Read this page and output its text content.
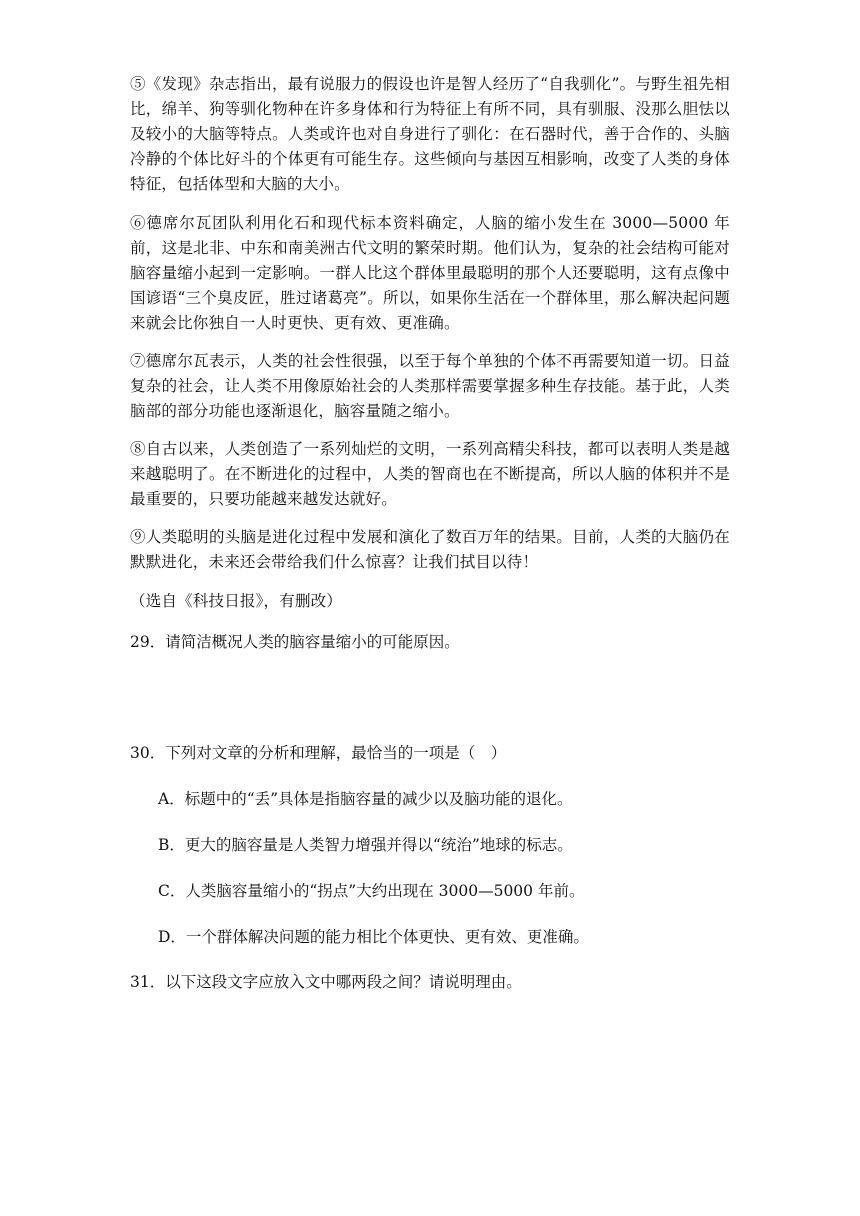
⑤《发现》杂志指出，最有说服力的假设也许是智人经历了“自我驯化”。与野生祖先相比，绵羊、狗等驯化物种在许多身体和行为特征上有所不同，具有驯服、没那么胆怯以及较小的大脑等特点。人类或许也对自身进行了驯化：在石器时代，善于合作的、头脑冷静的个体比好斗的个体更有可能生存。这些倾向与基因互相影响，改变了人类的身体特征，包括体型和大脑的大小。

⑥德席尔瓦团队利用化石和现代标本资料确定，人脑的缩小发生在 3000—5000 年前，这是北非、中东和南美洲古代文明的繁荣时期。他们认为，复杂的社会结构可能对脑容量缩小起到一定影响。一群人比这个群体里最聪明的那个人还要聪明，这有点像中国谚语“三个臭皮匠，胜过诸葛亮”。所以，如果你生活在一个群体里，那么解决起问题来就会比你独自一人时更快、更有效、更准确。

⑦德席尔瓦表示，人类的社会性很强，以至于每个单独的个体不再需要知道一切。日益复杂的社会，让人类不用像原始社会的人类那样需要掌握多种生存技能。基于此，人类脑部的部分功能也逐渐退化，脑容量随之缩小。

⑧自古以来，人类创造了一系列灿烂的文明，一系列高精尖科技，都可以表明人类是越来越聪明了。在不断进化的过程中，人类的智商也在不断提高，所以人脑的体积并不是最重要的，只要功能越来越发达就好。

⑨人类聪明的头脑是进化过程中发展和演化了数百万年的结果。目前，人类的大脑仍在默默进化，未来还会带给我们什么惊喜？让我们拭目以待！

（选自《科技日报》，有删改）

29．请简洁概况人类的脑容量缩小的可能原因。

30．下列对文章的分析和理解，最恰当的一项是（　）

A．标题中的“丢”具体是指脑容量的减少以及脑功能的退化。
B．更大的脑容量是人类智力增强并得以“统治”地球的标志。
C．人类脑容量缩小的“拐点”大约出现在 3000—5000 年前。
D．一个群体解决问题的能力相比个体更快、更有效、更准确。

31．以下这段文字应放入文中哪两段之间？请说明理由。
